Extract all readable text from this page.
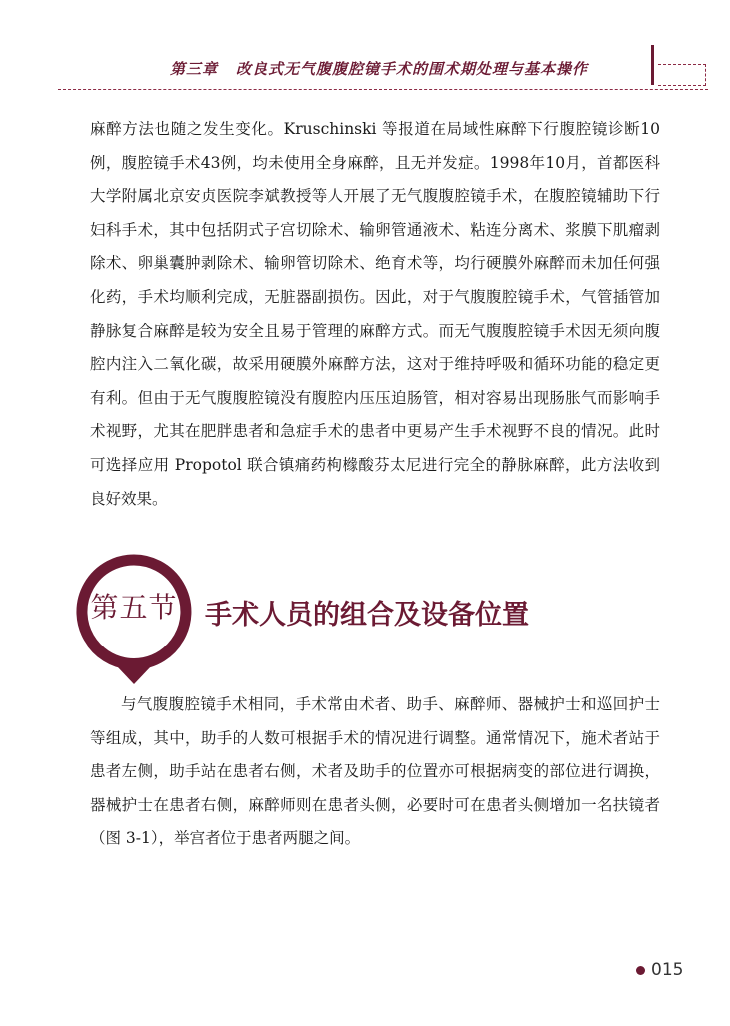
第三章 改良式无气腹腹腔镜手术的围术期处理与基本操作
麻醉方法也随之发生变化。Kruschinski 等报道在局域性麻醉下行腹腔镜诊断10例，腹腔镜手术43例，均未使用全身麻醉，且无并发症。1998年10月，首都医科大学附属北京安贞医院李斌教授等人开展了无气腹腹腔镜手术，在腹腔镜辅助下行妇科手术，其中包括阴式子宫切除术、输卵管通液术、粘连分离术、浆膜下肌瘤剥除术、卵巢囊肿剥除术、输卵管切除术、绝育术等，均行硬膜外麻醉而未加任何强化药，手术均顺利完成，无脏器副损伤。因此，对于气腹腹腔镜手术，气管插管加静脉复合麻醉是较为安全且易于管理的麻醉方式。而无气腹腹腔镜手术因无须向腹腔内注入二氧化碳，故采用硬膜外麻醉方法，这对于维持呼吸和循环功能的稳定更有利。但由于无气腹腹腔镜没有腹腔内压压迫肠管，相对容易出现肠胀气而影响手术视野，尤其在肥胖患者和急症手术的患者中更易产生手术视野不良的情况。此时可选择应用 Propotol 联合镇痛药枸橼酸芬太尼进行完全的静脉麻醉，此方法收到良好效果。
第五节	手术人员的组合及设备位置
与气腹腹腔镜手术相同，手术常由术者、助手、麻醉师、器械护士和巡回护士等组成，其中，助手的人数可根据手术的情况进行调整。通常情况下，施术者站于患者左侧，助手站在患者右侧，术者及助手的位置亦可根据病变的部位进行调换，器械护士在患者右侧，麻醉师则在患者头侧，必要时可在患者头侧增加一名扶镜者（图 3-1），举宫者位于患者两腿之间。
015
